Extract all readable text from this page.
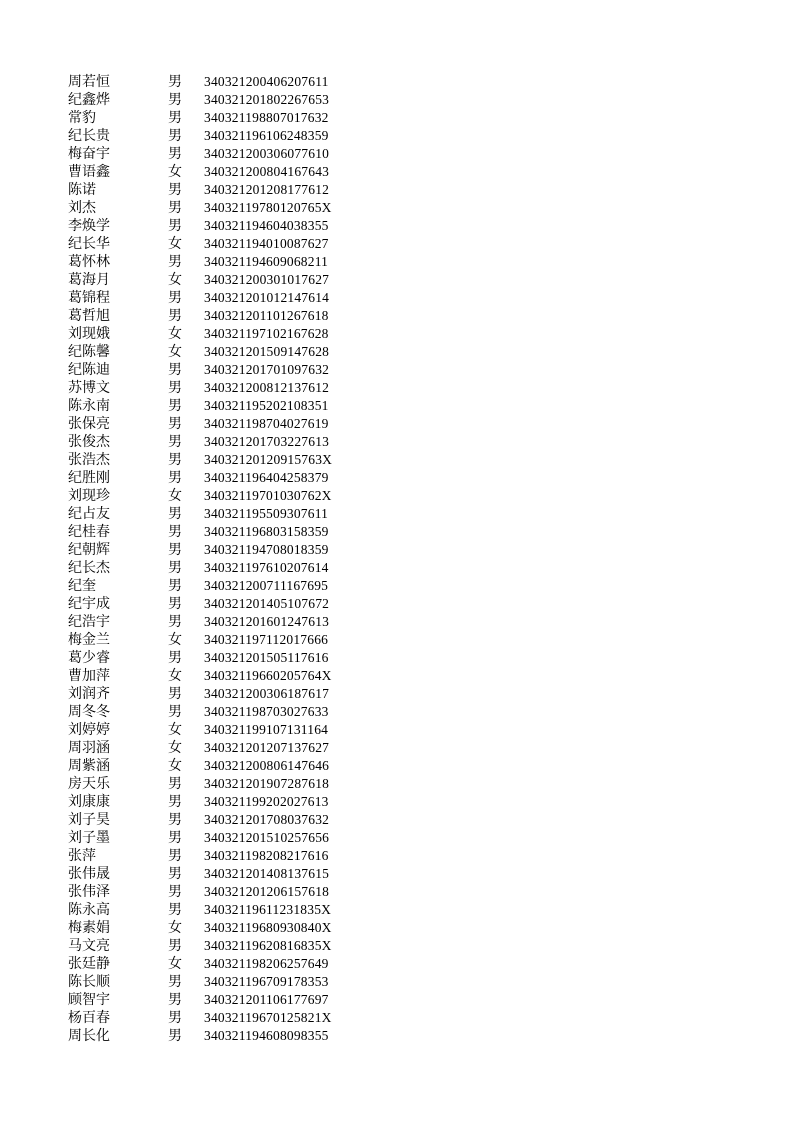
周若恒	男 340321200406207611
纪鑫烨	男 340321201802267653
常豹	男 340321198807017632
纪长贵	男 340321196106248359
梅奋宇	男 340321200306077610
曹语鑫	女 340321200804167643
陈诺	男 340321201208177612
刘杰	男 34032119780120765X
李焕学	男 340321194604038355
纪长华	女 340321194010087627
葛怀林	男 340321194609068211
葛海月	女 340321200301017627
葛锦程	男 340321201012147614
葛哲旭	男 340321201101267618
刘现娥	女 340321197102167628
纪陈馨	女 340321201509147628
纪陈迪	男 340321201701097632
苏博文	男 340321200812137612
陈永南	男 340321195202108351
张保亮	男 340321198704027619
张俊杰	男 340321201703227613
张浩杰	男 34032120120915763X
纪胜刚	男 340321196404258379
刘现珍	女 34032119701030762X
纪占友	男 340321195509307611
纪桂春	男 340321196803158359
纪朝辉	男 340321194708018359
纪长杰	男 340321197610207614
纪奎	男 340321200711167695
纪宇成	男 340321201405107672
纪浩宇	男 340321201601247613
梅金兰	女 340321197112017666
葛少睿	男 340321201505117616
曹加萍	女 34032119660205764X
刘润齐	男 340321200306187617
周冬冬	男 340321198703027633
刘婷婷	女 340321199107131164
周羽涵	女 340321201207137627
周紫涵	女 340321200806147646
房天乐	男 340321201907287618
刘康康	男 340321199202027613
刘子昊	男 340321201708037632
刘子墨	男 340321201510257656
张萍	男 340321198208217616
张伟晟	男 340321201408137615
张伟泽	男 340321201206157618
陈永高	男 34032119611231835X
梅素娟	女 34032119680930840X
马文亮	男 34032119620816835X
张廷静	女 340321198206257649
陈长顺	男 340321196709178353
顾智宇	男 340321201106177697
杨百春	男 34032119670125821X
周长化	男 340321194608098355
